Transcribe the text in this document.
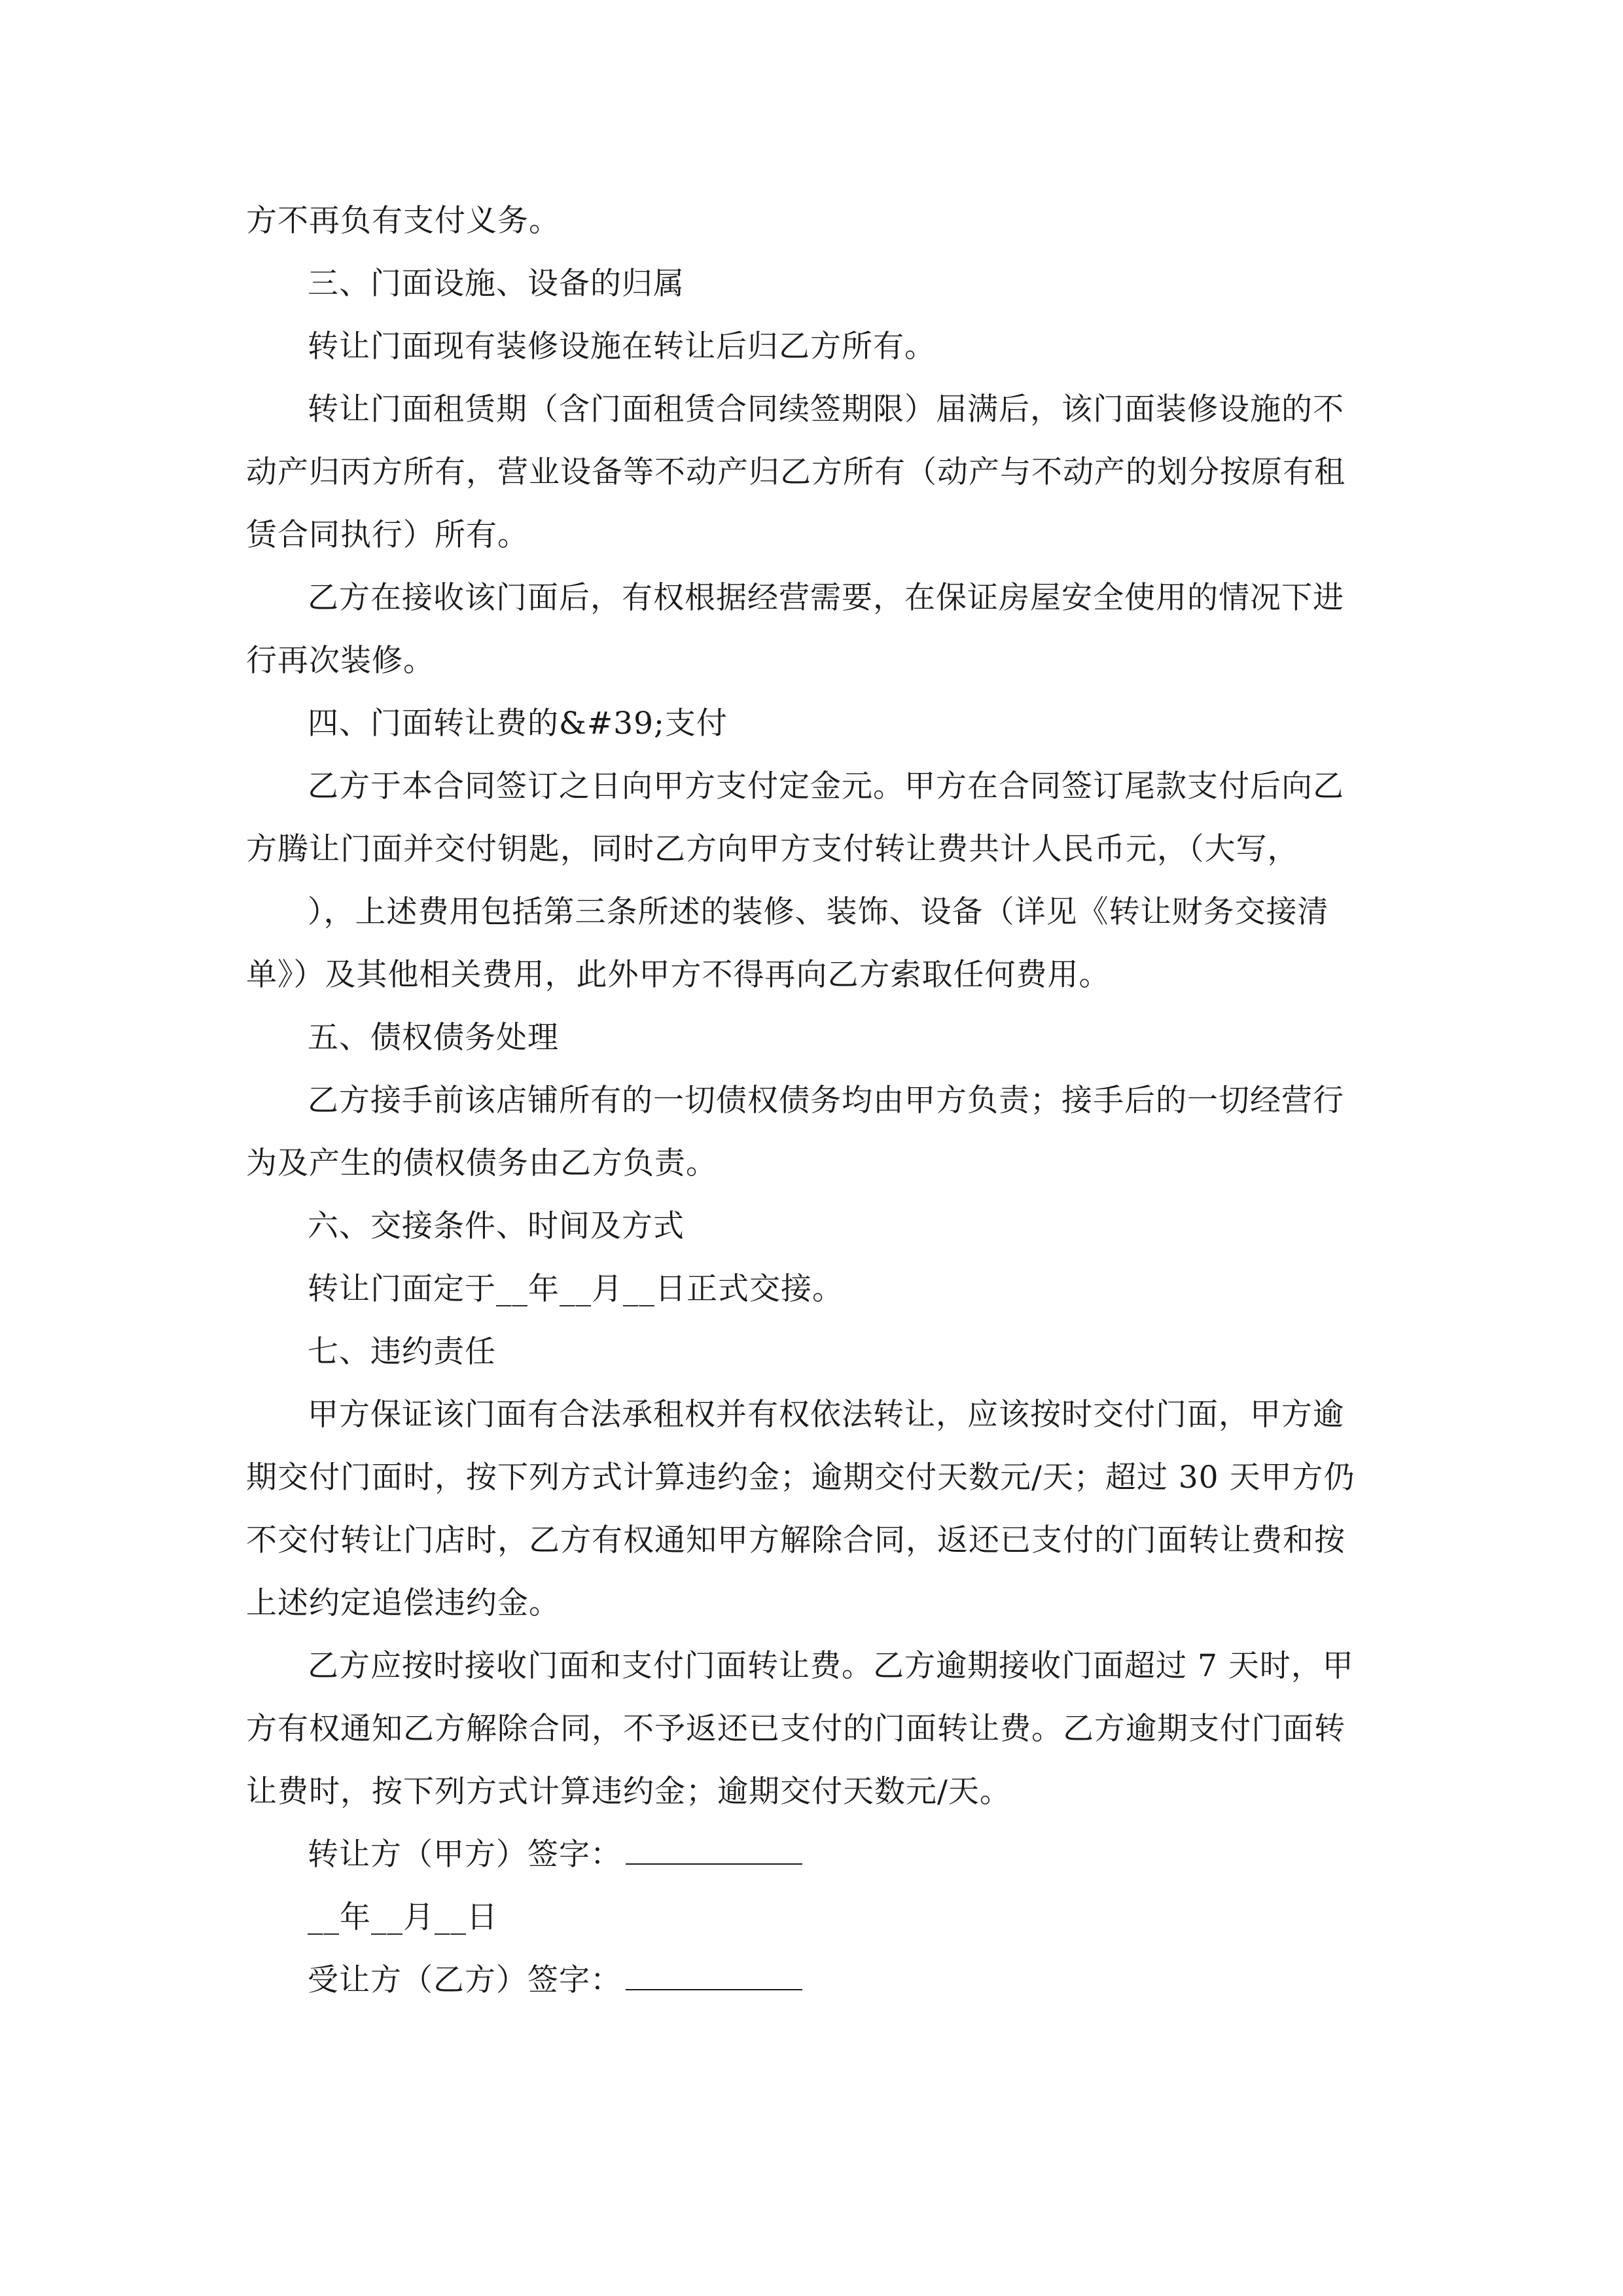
方不再负有支付义务。
三、门面设施、设备的归属
转让门面现有装修设施在转让后归乙方所有。
转让门面租赁期（含门面租赁合同续签期限）届满后，该门面装修设施的不
动产归丙方所有，营业设备等不动产归乙方所有（动产与不动产的划分按原有租
赁合同执行）所有。
乙方在接收该门面后，有权根据经营需要，在保证房屋安全使用的情况下进
行再次装修。
四、门面转让费的&#39;支付
乙方于本合同签订之日向甲方支付定金元。甲方在合同签订尾款支付后向乙
方腾让门面并交付钥匙，同时乙方向甲方支付转让费共计人民币元，（大写，
），上述费用包括第三条所述的装修、装饰、设备（详见《转让财务交接清
单》）及其他相关费用，此外甲方不得再向乙方索取任何费用。
五、债权债务处理
乙方接手前该店铺所有的一切债权债务均由甲方负责；接手后的一切经营行
为及产生的债权债务由乙方负责。
六、交接条件、时间及方式
转让门面定于__年__月__日正式交接。
七、违约责任
甲方保证该门面有合法承租权并有权依法转让，应该按时交付门面，甲方逾
期交付门面时，按下列方式计算违约金；逾期交付天数元/天；超过 30 天甲方仍
不交付转让门店时，乙方有权通知甲方解除合同，返还已支付的门面转让费和按
上述约定追偿违约金。
乙方应按时接收门面和支付门面转让费。乙方逾期接收门面超过 7 天时，甲
方有权通知乙方解除合同，不予返还已支付的门面转让费。乙方逾期支付门面转
让费时，按下列方式计算违约金；逾期交付天数元/天。
转让方（甲方）签字：
__年__月__日
受让方（乙方）签字：
